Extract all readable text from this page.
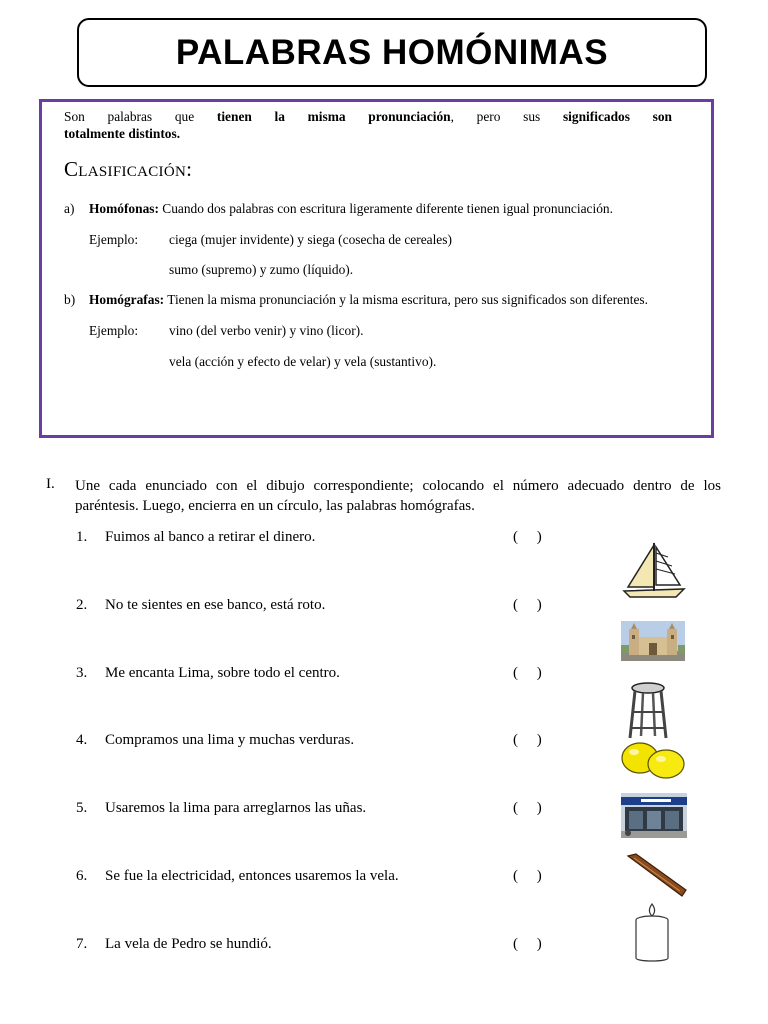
PALABRAS HOMÓNIMAS
Son palabras que tienen la misma pronunciación, pero sus significados son
totalmente distintos.
Clasificación:
a) Homófonas: Cuando dos palabras con escritura ligeramente diferente tienen igual pronunciación.
Ejemplo: ciega (mujer invidente) y siega (cosecha de cereales)
sumo (supremo) y zumo (líquido).
b) Homógrafas: Tienen la misma pronunciación y la misma escritura, pero sus significados son diferentes.
Ejemplo: vino (del verbo venir) y vino (licor).
vela (acción y efecto de velar) y vela (sustantivo).
I. Une cada enunciado con el dibujo correspondiente; colocando el número adecuado dentro de los
paréntesis. Luego, encierra en un círculo, las palabras homógrafas.
1. Fuimos al banco a retirar el dinero.	(     )
2. No te sientes en ese banco, está roto.	(     )
3. Me encanta Lima, sobre todo el centro.	(     )
4. Compramos una lima y muchas verduras.	(     )
5. Usaremos la lima para arreglarnos las uñas.	(     )
6. Se fue la electricidad, entonces usaremos la vela.	(     )
7. La vela de Pedro se hundió.	(     )
